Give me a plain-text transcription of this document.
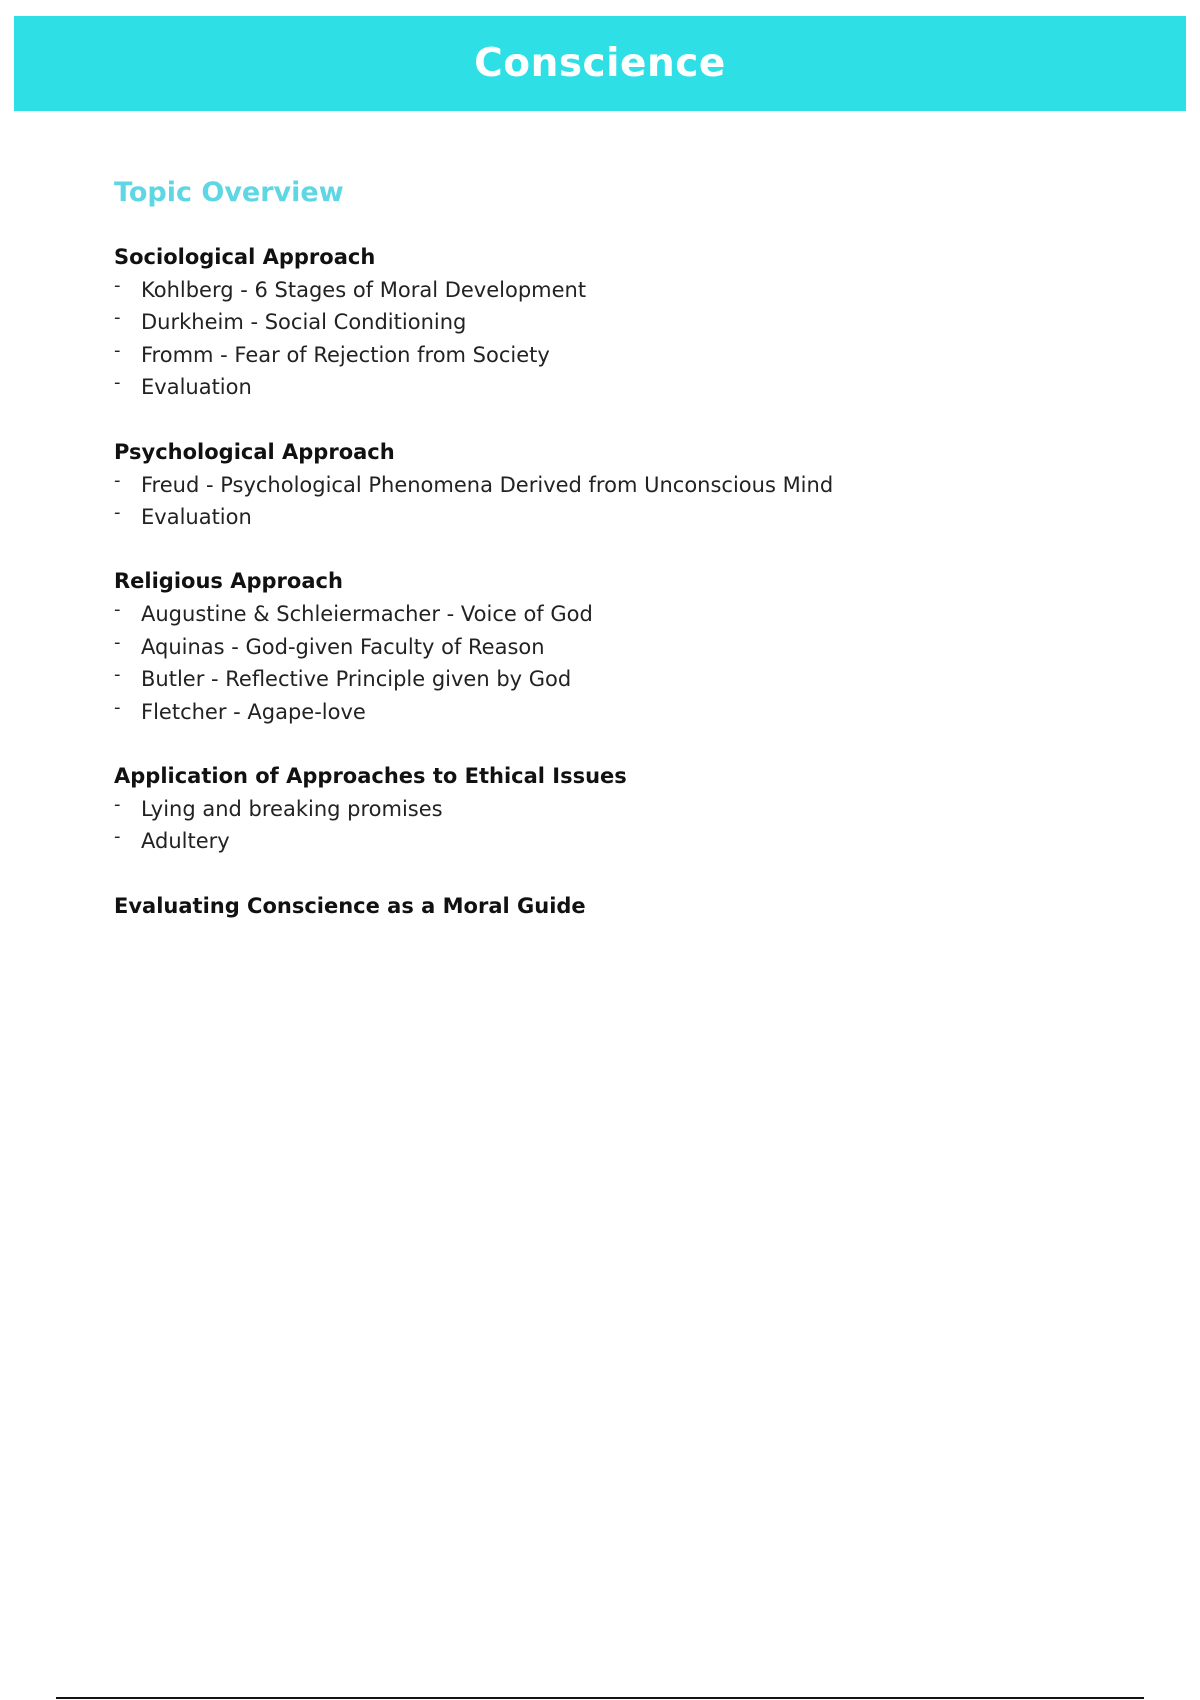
Conscience
Topic Overview
Sociological Approach
- Kohlberg - 6 Stages of Moral Development
- Durkheim - Social Conditioning
- Fromm - Fear of Rejection from Society
- Evaluation
Psychological Approach
- Freud - Psychological Phenomena Derived from Unconscious Mind
- Evaluation
Religious Approach
- Augustine & Schleiermacher - Voice of God
- Aquinas - God-given Faculty of Reason
- Butler - Reflective Principle given by God
- Fletcher - Agape-love
Application of Approaches to Ethical Issues
- Lying and breaking promises
- Adultery
Evaluating Conscience as a Moral Guide
